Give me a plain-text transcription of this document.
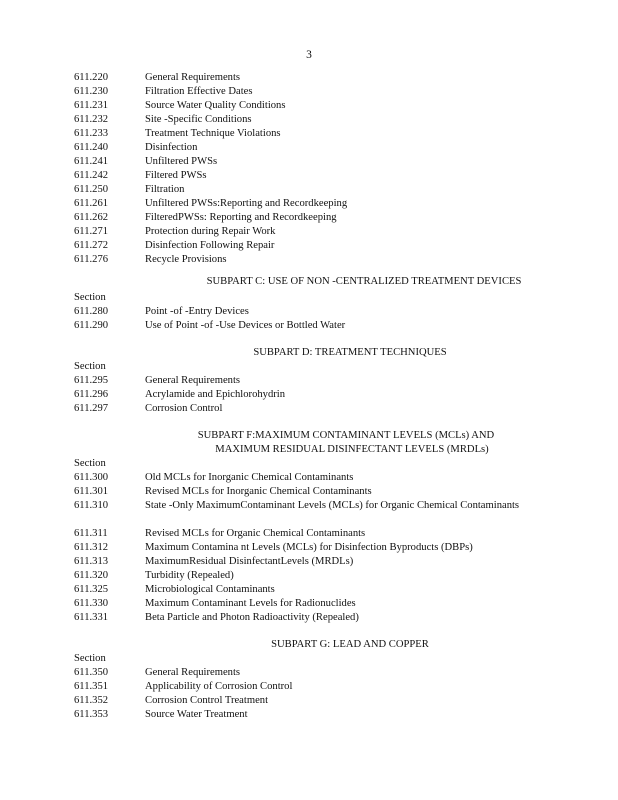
3
611.220	General Requirements
611.230	Filtration Effective Dates
611.231	Source Water Quality Conditions
611.232	Site -Specific Conditions
611.233	Treatment Technique Violations
611.240	Disinfection
611.241	Unfiltered PWSs
611.242	Filtered PWSs
611.250	Filtration
611.261	Unfiltered PWSs:Reporting and Recordkeeping
611.262	FilteredPWSs: Reporting and Recordkeeping
611.271	Protection during Repair Work
611.272	Disinfection Following Repair
611.276	Recycle Provisions
SUBPART C: USE OF NON -CENTRALIZED TREATMENT DEVICES
Section
611.280	Point -of -Entry Devices
611.290	Use of Point -of -Use Devices or Bottled Water
SUBPART D: TREATMENT TECHNIQUES
Section
611.295	General Requirements
611.296	Acrylamide and Epichlorohydrin
611.297	Corrosion Control
SUBPART F:MAXIMUM CONTAMINANT LEVELS (MCLs) AND
MAXIMUM RESIDUAL DISINFECTANT LEVELS (MRDLs)
Section
611.300	Old MCLs for Inorganic Chemical Contaminants
611.301	Revised MCLs for Inorganic Chemical Contaminants
611.310	State -Only MaximumContaminant Levels (MCLs) for Organic Chemical Contaminants
611.311	Revised MCLs for Organic Chemical Contaminants
611.312	Maximum Contamina nt Levels (MCLs) for Disinfection Byproducts (DBPs)
611.313	MaximumResidual DisinfectantLevels (MRDLs)
611.320	Turbidity (Repealed)
611.325	Microbiological Contaminants
611.330	Maximum Contaminant Levels for Radionuclides
611.331	Beta Particle and Photon Radioactivity (Repealed)
SUBPART G: LEAD AND COPPER
Section
611.350	General Requirements
611.351	Applicability of Corrosion Control
611.352	Corrosion Control Treatment
611.353	Source Water Treatment
